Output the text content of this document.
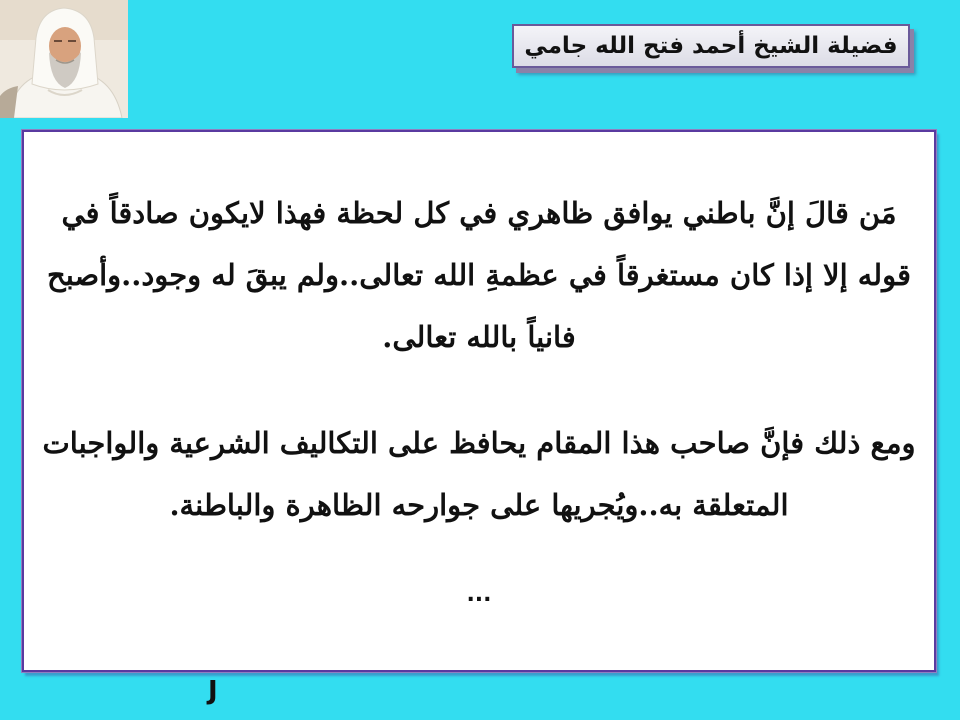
فضيلة الشيخ أحمد فتح الله جامي

مَن قالَ إنَّ باطني يوافق ظاهري في كل لحظة فهذا لايكون صادقاً في قوله إلا إذا كان مستغرقاً في عظمةِ الله تعالى..ولم يبقَ له وجود..وأصبح فانياً بالله تعالى.

ومع ذلك فإنَّ صاحب هذا المقام يحافظ على التكاليف الشرعية والواجبات المتعلقة به..ويُجريها على جوارحه الظاهرة والباطنة.

...
J
